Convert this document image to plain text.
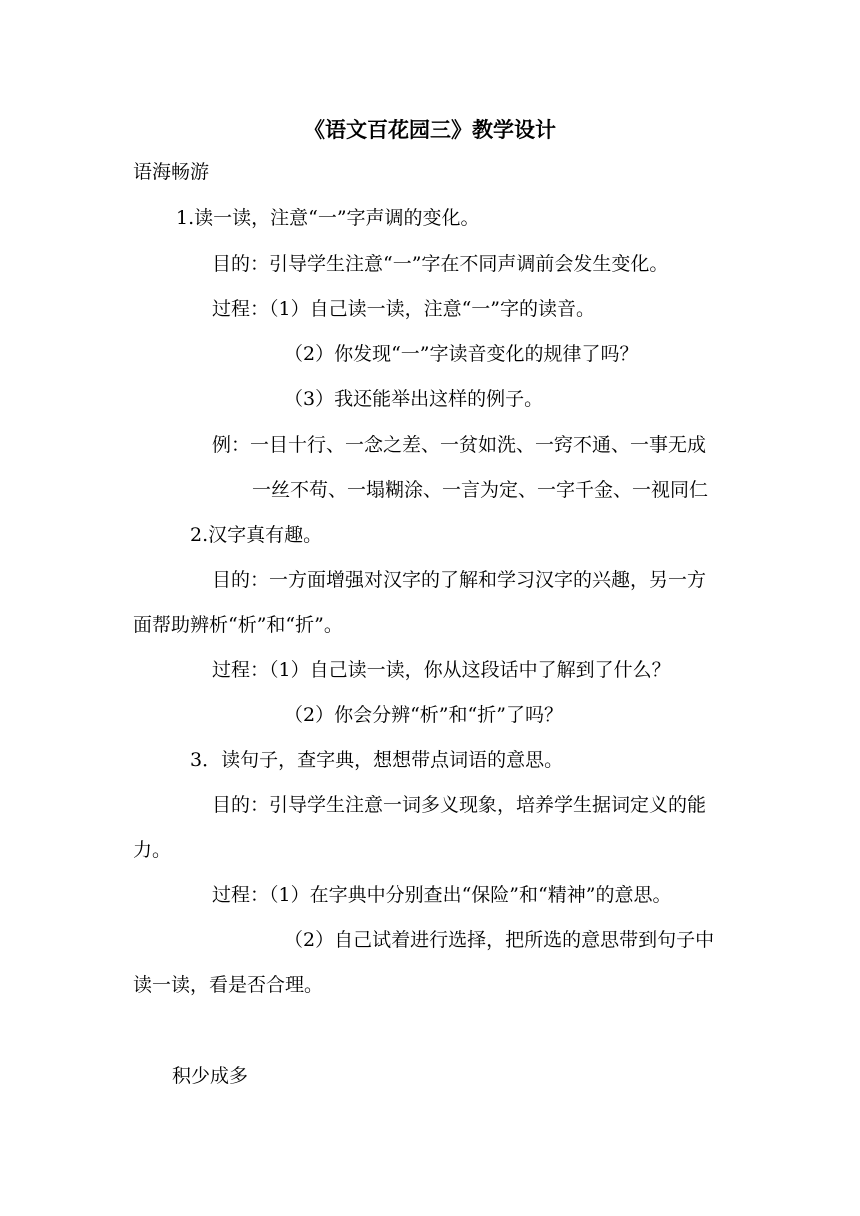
《语文百花园三》教学设计

语海畅游

1.读一读，注意“一”字声调的变化。

目的：引导学生注意“一”字在不同声调前会发生变化。

过程：（1）自己读一读，注意“一”字的读音。

（2）你发现“一”字读音变化的规律了吗？

（3）我还能举出这样的例子。

例：一目十行、一念之差、一贫如洗、一窍不通、一事无成

一丝不苟、一塌糊涂、一言为定、一字千金、一视同仁

2.汉字真有趣。

目的：一方面增强对汉字的了解和学习汉字的兴趣，另一方

面帮助辨析“析”和“折”。

过程：（1）自己读一读，你从这段话中了解到了什么？

（2）你会分辨“析”和“折”了吗？

3．读句子，查字典，想想带点词语的意思。

目的：引导学生注意一词多义现象，培养学生据词定义的能

力。

过程：（1）在字典中分别查出“保险”和“精神”的意思。

（2）自己试着进行选择，把所选的意思带到句子中

读一读，看是否合理。

积少成多
